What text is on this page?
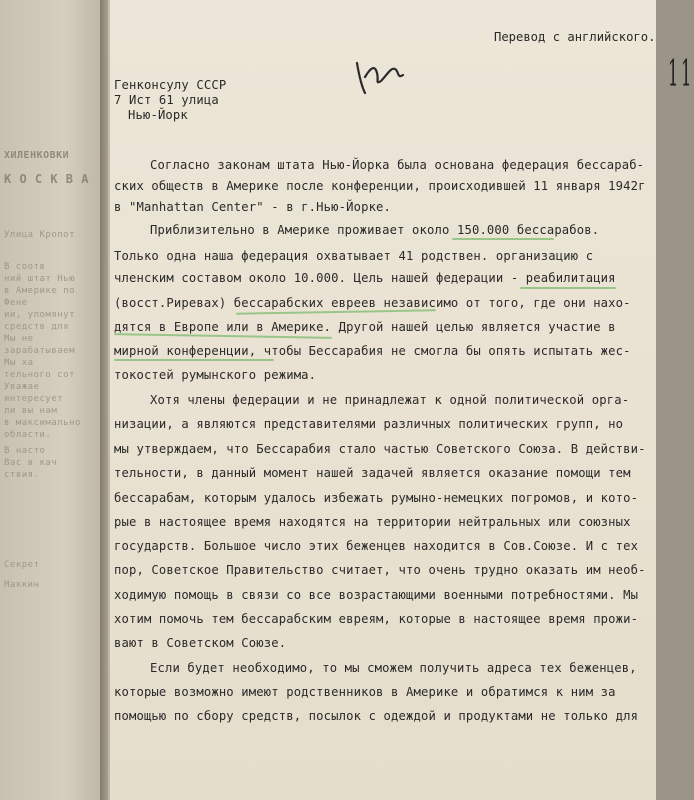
ХИЛЕНКОВКИ
К О С К В А
Улица Кропот
В соотв
ний штат Нью
в Америке по
Фене
ии, упомянут
средств для
Мы не
зарабатываем
Мы ха
тельного сот
Уважае
интересует
ли вы нам
в максимально
области.
В насто
Вас в кач
ствия.
Секрет
Маккин
Перевод с английского.
11
Генконсулу СССР
7 Ист 61 улица
Нью-Йорк
Согласно законам штата Нью-Йорка была основана федерация бессараб-
ских обществ в Америке после конференции, происходившей 11 января 1942г
в "Manhattan Center" - в г.Нью-Йорке.
Приблизительно в Америке проживает около 150.000 бессарабов.
Только одна наша федерация охватывает 41 родствен. организацию с
членским составом около 10.000. Цель нашей федерации - реабилитация
(восст.Рирeвах) бессарабских евреев независимо от того, где они нахо-
дятся в Европе или в Америке. Другой нашей целью является участие в
мирной конференции, чтобы Бессарабия не смогла бы опять испытать жес-
токостей румынского режима.
Хотя члены федерации и не принадлежат к одной политической орга-
низации, а являются представителями различных политических групп, но
мы утверждаем, что Бессарабия стало частью Советского Союза. В действи-
тельности, в данный момент нашей задачей является оказание помощи тем
бессарабам, которым удалось избежать румыно-немецких погромов, и кото-
рые в настоящее время находятся на территории нейтральных или союзных
государств. Большое число этих беженцев находится в Сов.Союзе. И с тех
пор, Советское Правительство считает, что очень трудно оказать им необ-
ходимую помощь в связи со все возрастающими военными потребностями. Мы
хотим помочь тем бессарабским евреям, которые в настоящее время прожи-
вают в Советском Союзе.
Если будет необходимо, то мы сможем получить адреса тех беженцев,
которые возможно имеют родственников в Америке и обратимся к ним за
помощью по сбору средств, посылок с одеждой и продуктами не только для
